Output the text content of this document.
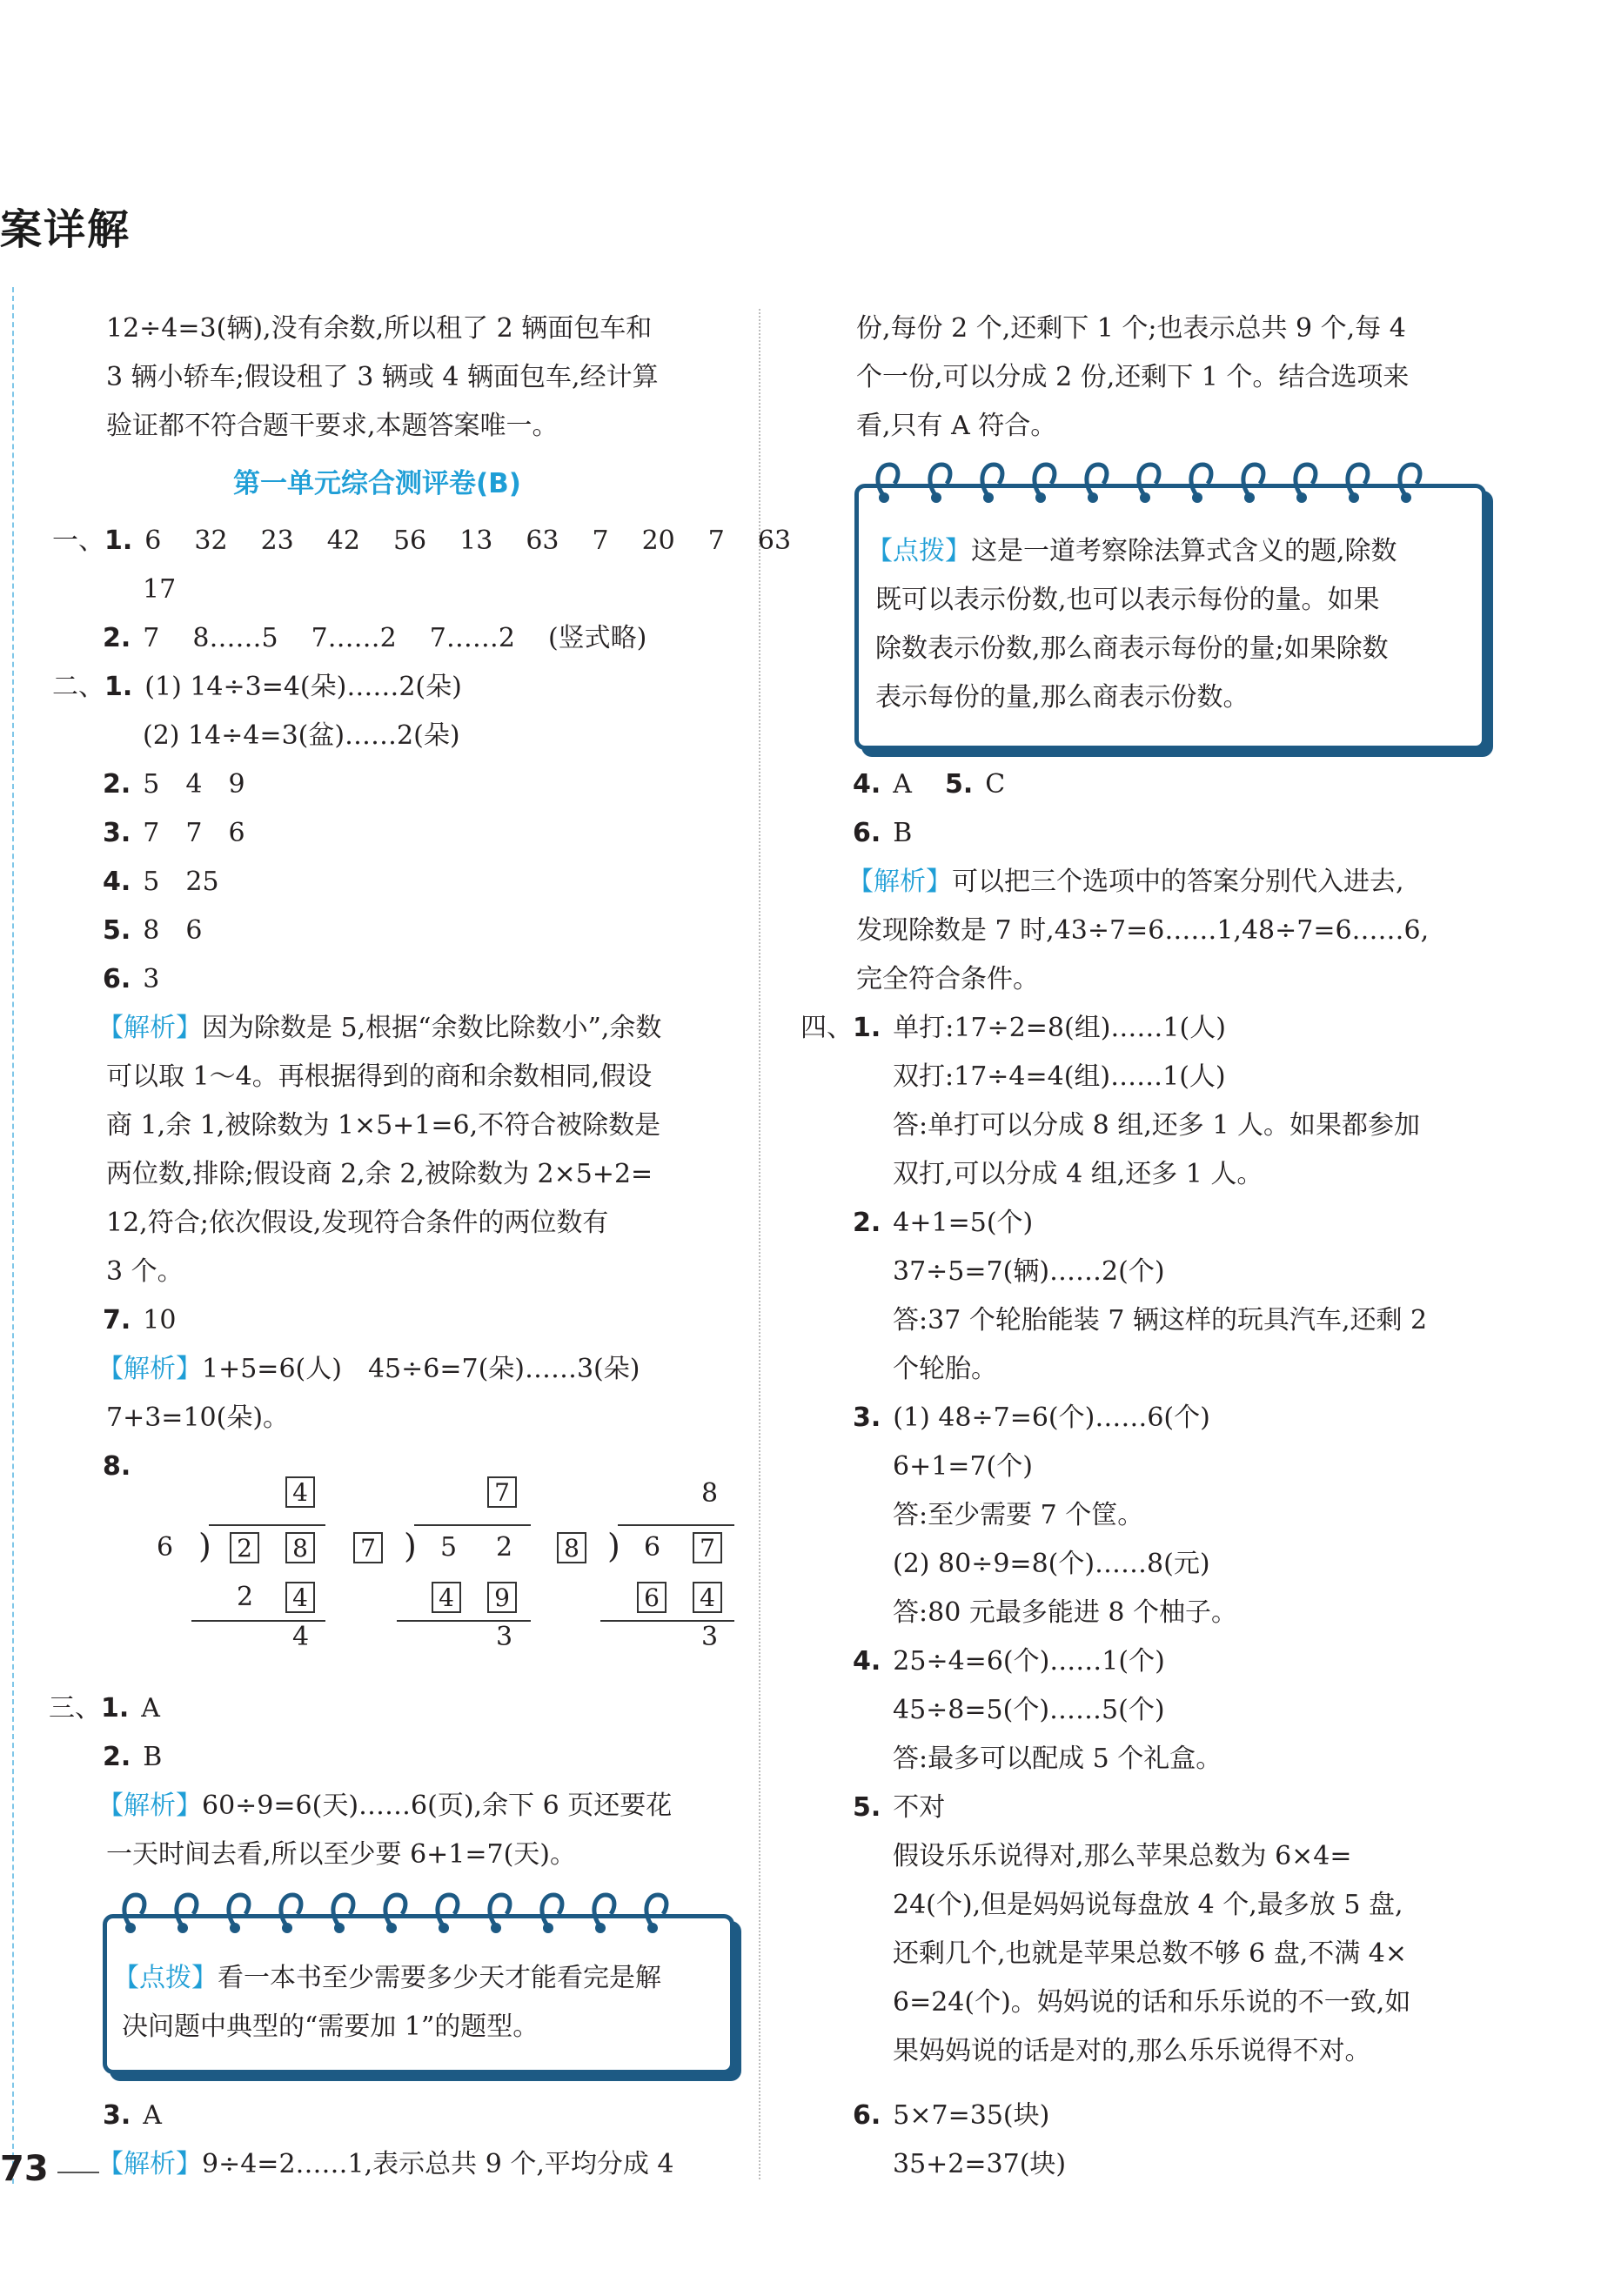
案详解
12÷4=3(辆),没有余数,所以租了 2 辆面包车和
3 辆小轿车;假设租了 3 辆或 4 辆面包车,经计算
验证都不符合题干要求,本题答案唯一。
第一单元综合测评卷(B)
一、1. 6 32 23 42 56 13 63 7 20 7 63
17
2. 7 8……5 7……2 7……2 (竖式略)
二、1. (1) 14÷3=4(朵)……2(朵)
(2) 14÷4=3(盆)……2(朵)
2. 5　4　9
3. 7　7　6
4. 5　25
5. 8　6
6. 3
【解析】因为除数是 5,根据“余数比除数小”,余数
可以取 1～4。再根据得到的商和余数相同,假设
商 1,余 1,被除数为 1×5+1=6,不符合被除数是
两位数,排除;假设商 2,余 2,被除数为 2×5+2=
12,符合;依次假设,发现符合条件的两位数有
3 个。
7. 10
【解析】1+5=6(人)　45÷6=7(朵)……3(朵)
7+3=10(朵)。
8.
4
6 ) 2 8
2 4
4
7
7 ) 5 2
4 9
3
8
8 ) 6 7
6 4
3
三、1. A
2. B
【解析】60÷9=6(天)……6(页),余下 6 页还要花
一天时间去看,所以至少要 6+1=7(天)。
【点拨】看一本书至少需要多少天才能看完是解
决问题中典型的“需要加 1”的题型。
3. A
【解析】9÷4=2……1,表示总共 9 个,平均分成 4
73
份,每份 2 个,还剩下 1 个;也表示总共 9 个,每 4
个一份,可以分成 2 份,还剩下 1 个。结合选项来
看,只有 A 符合。
【点拨】这是一道考察除法算式含义的题,除数
既可以表示份数,也可以表示每份的量。如果
除数表示份数,那么商表示每份的量;如果除数
表示每份的量,那么商表示份数。
4. A 5. C
6. B
【解析】可以把三个选项中的答案分别代入进去,
发现除数是 7 时,43÷7=6……1,48÷7=6……6,
完全符合条件。
四、1. 单打:17÷2=8(组)……1(人)
双打:17÷4=4(组)……1(人)
答:单打可以分成 8 组,还多 1 人。如果都参加
双打,可以分成 4 组,还多 1 人。
2. 4+1=5(个)
37÷5=7(辆)……2(个)
答:37 个轮胎能装 7 辆这样的玩具汽车,还剩 2
个轮胎。
3. (1) 48÷7=6(个)……6(个)
6+1=7(个)
答:至少需要 7 个筐。
(2) 80÷9=8(个)……8(元)
答:80 元最多能进 8 个柚子。
4. 25÷4=6(个)……1(个)
45÷8=5(个)……5(个)
答:最多可以配成 5 个礼盒。
5. 不对
假设乐乐说得对,那么苹果总数为 6×4=
24(个),但是妈妈说每盘放 4 个,最多放 5 盘,
还剩几个,也就是苹果总数不够 6 盘,不满 4×
6=24(个)。妈妈说的话和乐乐说的不一致,如
果妈妈说的话是对的,那么乐乐说得不对。
6. 5×7=35(块)
35+2=37(块)
